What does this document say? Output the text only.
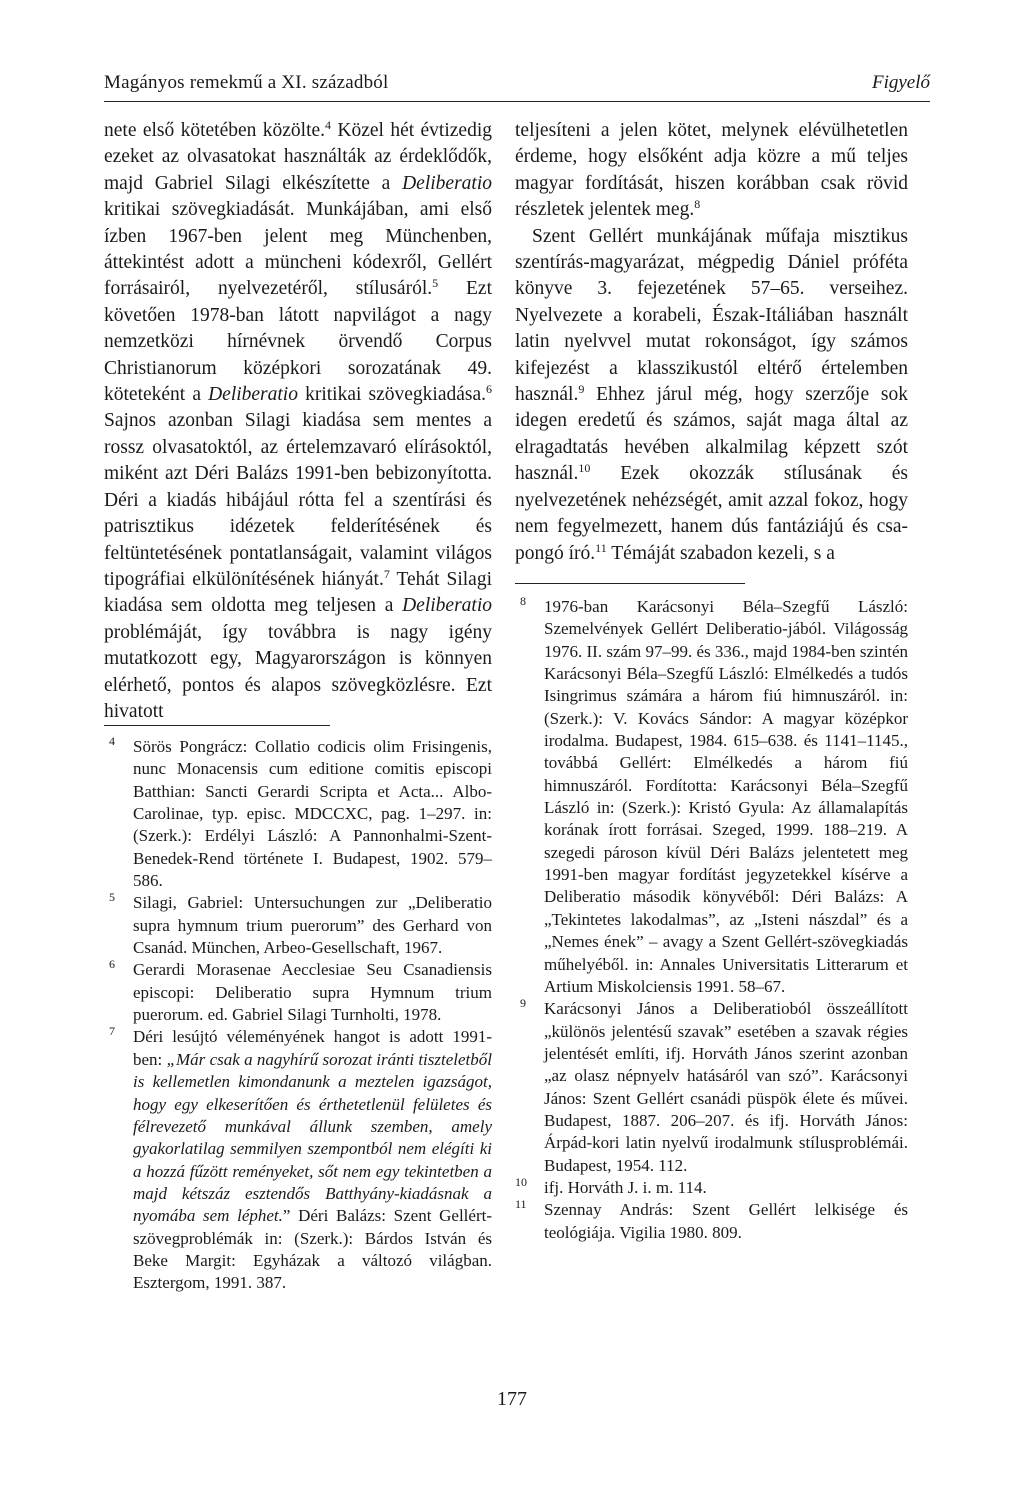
Magányos remekmű a XI. századból	Figyelő

nete első kötetében közölte.$^4$ Közel hét évtizedig ezeket az olvasatokat használták az érdeklődők, majd Gabriel Silagi elkészítette a Deliberatio kritikai szövegkiadását. Munkájában, ami első ízben 1967-ben jelent meg Münchenben, áttekintést adott a müncheni kódexről, Gellért forrásairól, nyelvezetéről, stílusáról.$^5$ Ezt követően 1978-ban látott napvilágot a nagy nemzetközi hírnévnek örvendő Corpus Christianorum középkori sorozatának 49. köteteként a Deliberatio kritikai szövegkiadása.$^6$ Sajnos azonban Silagi kiadása sem mentes a rossz olvasatoktól, az értelemzavaró elírásoktól, miként azt Déri Balázs 1991-ben bebizonyította. Déri a kiadás hibájául rótta fel a szentírási és patrisztikus idézetek felderítésének és feltüntetésének pontatlanságait, valamint világos tipográfiai elkülönítésének hiányát.$^7$ Tehát Silagi kiadása sem oldotta meg teljesen a Deliberatio problémáját, így továbbra is nagy igény mutatkozott egy, Magyarországon is könnyen elérhető, pontos és alapos szövegközlésre. Ezt hivatott

teljesíteni a jelen kötet, melynek elévülhetetlen érdeme, hogy elsőként adja közre a mű teljes magyar fordítását, hiszen korábban csak rövid részletek jelentek meg.$^8$

Szent Gellért munkájának műfaja misztikus szentírás-magyarázat, mégpedig Dániel próféta könyve 3. fejezetének 57–65. verseihez. Nyelvezete a korabeli, Észak-Itáliában használt latin nyelvvel mutat rokonságot, így számos kifejezést a klasszikustól eltérő értelemben használ.$^9$ Ehhez járul még, hogy szerzője sok idegen eredetű és számos, saját maga által az elragadtatás hevében alkalmilag képzett szót használ.$^{10}$ Ezek okozzák stílusának és nyelvezetének nehézségét, amit azzal fokoz, hogy nem fegyelmezett, hanem dús fantáziájú és csapongó író.$^{11}$ Témáját szabadon kezeli, s a

4 Sörös Pongrácz: Collatio codicis olim Frisingenis, nunc Monacensis cum editione comitis episcopi Batthian: Sancti Gerardi Scripta et Acta... Albo-Carolinae, typ. episc. MDCCXC, pag. 1–297. in: (Szerk.): Erdélyi László: A Pannonhalmi-Szent-Benedek-Rend története I. Budapest, 1902. 579–586.

5 Silagi, Gabriel: Untersuchungen zur „Deliberatio supra hymnum trium puerorum” des Gerhard von Csanád. München, Arbeo-Gesellschaft, 1967.

6 Gerardi Morasenae Aecclesiae Seu Csanadiensis episcopi: Deliberatio supra Hymnum trium puerorum. ed. Gabriel Silagi Turnholti, 1978.

7 Déri lesújtó véleményének hangot is adott 1991-ben: „Már csak a nagyhírű sorozat iránti tiszteletből is kellemetlen kimondanunk a meztelen igazságot, hogy egy elkeserítően és érthetetlenül felületes és félrevezető munkával állunk szemben, amely gyakorlatilag semmilyen szempontból nem elégíti ki a hozzá fűzött reményeket, sőt nem egy tekintetben a majd kétszáz esztendős Batthyány-kiadásnak a nyomába sem léphet.” Déri Balázs: Szent Gellért-szövegproblémák in: (Szerk.): Bárdos István és Beke Margit: Egyházak a változó világban. Esztergom, 1991. 387.

8 1976-ban Karácsonyi Béla–Szegfű László: Szemelvények Gellért Deliberatio-jából. Világosság 1976. II. szám 97–99. és 336., majd 1984-ben szintén Karácsonyi Béla–Szegfű László: Elmélkedés a tudós Isingrimus számára a három fiú himnuszáról. in: (Szerk.): V. Kovács Sándor: A magyar középkor irodalma. Budapest, 1984. 615–638. és 1141–1145., továbbá Gellért: Elmélkedés a három fiú himnuszáról. Fordította: Karácsonyi Béla–Szegfű László in: (Szerk.): Kristó Gyula: Az államalapítás korának írott forrásai. Szeged, 1999. 188–219. A szegedi pároson kívül Déri Balázs jelentetett meg 1991-ben magyar fordítást jegyzetekkel kísérve a Deliberatio második könyvéből: Déri Balázs: A „Tekintetes lakodalmas”, az „Isteni nászdal” és a „Nemes ének” – avagy a Szent Gellért-szövegkiadás műhelyéből. in: Annales Universitatis Litterarum et Artium Miskolciensis 1991. 58–67.

9 Karácsonyi János a Deliberatioból összeállított „különös jelentésű szavak” esetében a szavak régies jelentését említi, ifj. Horváth János szerint azonban „az olasz népnyelv hatásáról van szó”. Karácsonyi János: Szent Gellért csanádi püspök élete és művei. Budapest, 1887. 206–207. és ifj. Horváth János: Árpád-kori latin nyelvű irodalmunk stílusproblémái. Budapest, 1954. 112.

10 ifj. Horváth J. i. m. 114.

11 Szennay András: Szent Gellért lelkisége és teológiája. Vigilia 1980. 809.

177
